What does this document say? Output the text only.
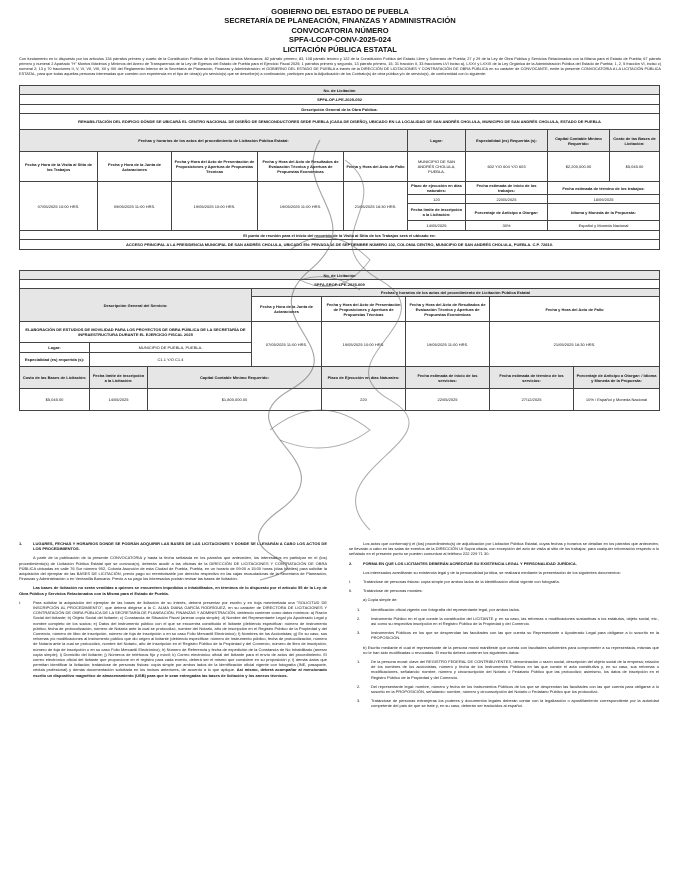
GOBIERNO DEL ESTADO DE PUEBLA
SECRETARÍA DE PLANEACIÓN, FINANZAS Y ADMINISTRACIÓN
CONVOCATORIA NÚMERO
SPFA-LCOP-CONV-2025-024
LICITACIÓN PÚBLICA ESTATAL

Con fundamento en lo dispuesto por los artículos 134 párrafos primero y cuarto de la Constitución Política de los Estados Unidos Mexicanos; 82 párrafo primero, 83, 108 párrafo tercero y 122 de la Constitución Política del Estado Libre y Soberano de Puebla; 27 y 29 de la Ley de Obra Pública y Servicios Relacionados con la Misma para el Estado de Puebla; 67 párrafo primero y numeral 2 Apartado "H" Montos Máximos y Mínimos del Anexo de Transparencia de la Ley de Egresos del Estado de Puebla para el Ejercicio Fiscal 2025; 1 párrafos primero y segundo, 13 párrafo primero, 15, 31 fracción II, 33 fracciones LVI inciso a), LXXV y LXXIX de la Ley Orgánica de la Administración Pública del Estado de Puebla; 1, 2, 5 fracción VI, inciso c) numeral 2; 13 y 70 fracciones II, V, VI, VII, VIII, XII y XIII del Reglamento Interior de la Secretaría de Planeación, Finanzas y Administración; el GOBIERNO DEL ESTADO DE PUEBLA a través de la DIRECCIÓN DE LICITACIONES Y CONTRATACIÓN DE OBRA PÚBLICA en su carácter de CONVOCANTE, emite la presente CONVOCATORIA A LA LICITACIÓN PÚBLICA ESTATAL, para que todas aquellas personas interesadas que cuenten con experiencia en el tipo de obra(s) y/o servicio(s) que se describe(n) a continuación, participen para la Adjudicación de los Contrato(s) de obra pública y/o de servicio(s), de conformidad con lo siguiente:

No. de Licitación								
SPFA-OP-LPE-2025-052								
Descripción General de la Obra Pública:								
REHABILITACIÓN DEL EDIFICIO DÓNDE SE UBICARÁ EL CENTRO NACIONAL DE DISEÑO DE SEMICONDUCTORES SEDE PUEBLA (CASA DE DISEÑO), UBICADO EN LA LOCALIDAD DE SAN ANDRÉS CHOLULA, MUNICIPIO DE SAN ANDRÉS CHOLULA, ESTADO DE PUEBLA								
Fechas y horarios de los actos del procedimiento de Licitación Pública Estatal:					Lugar:	Especialidad (es) Requerida (s):	Capital Contable Mínimo Requerido:	Costo de las Bases de Licitación:
Fecha y Hora de la Visita al Sitio de los Trabajos	Fecha y Hora de la Junta de Aclaraciones	Fecha y Hora del Acto de Presentación de Proposiciones y Apertura de Propuestas Técnicas	Fecha y Hora del Acto de Resultados de Evaluación Técnica y Apertura de Propuestas Económicas	Fecha y Hora del Acto de Fallo	MUNICIPIO DE SAN ANDRÉS CHOLULA, PUEBLA.	602 Y/O 604 Y/O 603	$2,200,000.00	$5,045.00
07/05/2025 10:00 HRS.	09/05/2025 11:00 HRS.	19/05/2025 10:00 HRS.	19/05/2025 11:00 HRS.	21/05/2025 16:30 HRS.	Plazo de ejecución en días naturales:	Fecha estimada de inicio de los trabajos:	Fecha estimada de término de los trabajos:	
					120	22/05/2025	18/09/2025	
					Fecha límite de inscripción a la Licitación:	Porcentaje de Anticipo a Otorgar:	Idioma y Moneda de la Propuesta:	
					14/05/2025	30%	Español y Moneda Nacional	
El punto de reunión para el inicio del recorrido de la Visita al Sitio de los Trabajos será el ubicado en:								
ACCESO PRINCIPAL A LA PRESIDENCIA MUNICIPAL DE SAN ANDRÉS CHOLULA, UBICADO EN: PRIVADA 16 DE SEPTIEMBRE NÚMERO 102, COLONIA CENTRO, MUNICIPIO DE SAN ANDRÉS CHOLULA, PUEBLA. C.P. 72810.								
No. de Licitación							
SPFA-SROP-LPE-2025-009							
Descripción General del Servicio:			Fechas y horarios de los actos del procedimiento de Licitación Pública Estatal				
			Fecha y Hora de la Junta de Aclaraciones	Fecha y Hora del Acto de Presentación de Proposiciones y Apertura de Propuestas Técnicas	Fecha y Hora del Acto de Resultados de Evaluación Técnica y Apertura de Propuestas Económicas	Fecha y Hora del Acto de Fallo	
ELABORACIÓN DE ESTUDIOS DE MOVILIDAD PARA LOS PROYECTOS DE OBRA PÚBLICA DE LA SECRETARÍA DE INFRAESTRUCTURA DURANTE EL EJERCICIO FISCAL 2025			07/05/2025 11:00 HRS.	19/05/2025 10:00 HRS.	19/05/2025 11:00 HRS.	21/05/2025 16:30 HRS.	
Lugar:	MUNICIPIO DE PUEBLA, PUEBLA.						
Especialidad (es) requerida (s):	C1.1 Y/O C1.4						
Costo de las Bases de Licitación:	Fecha límite de inscripción a la Licitación:	Capital Contable Mínimo Requerido:		Plazo de Ejecución en días Naturales:	Fecha estimada de inicio de los servicios:	Fecha estimada de término de los servicios:	Porcentaje de Anticipo a Otorgar: / Idioma y Moneda de la Propuesta:
$5,045.00	14/05/2025	$1,800,000.00		220	22/05/2025	27/12/2025	10% / Español y Moneda Nacional
1.	LUGARES, FECHAS Y HORARIOS DONDE SE PODRÁN ADQUIRIR LAS BASES DE LAS LICITACIONES Y DONDE SE LLEVARÁN A CABO LOS ACTOS DE LOS PROCEDIMIENTOS.

A partir de la publicación de la presente CONVOCATORIA y hasta la fecha señalada en los párrafos que anteceden, los interesados en participar en el (los) procedimiento(s) de Licitación Pública Estatal que se convoca(n), deberán acudir a las oficinas de la DIRECCIÓN DE LICITACIONES Y CONTRATACIÓN DE OBRA PÚBLICA ubicadas en calle 76 Sur número 902, Colonia Asunción de esta Ciudad de Puebla, Puebla, en un horario de 09:00 a 15:00 horas (días hábiles) para solicitar la adquisición del ejemplar de las BASES DE LICITACIÓN, previo pago no reembolsable por derecho respectivo en las cajas recaudadoras de la Secretaría de Planeación, Finanzas y Administración o en Ventanilla Bancaria. Previo a su pago los interesados podrán revisar las bases de licitación.

Las bases de licitación no serán vendidas a quienes se encuentren impedidos o inhabilitados, en términos de lo dispuesto por el artículo 55 de la Ley de Obra Pública y Servicios Relacionados con la Misma para el Estado de Puebla.

I.	Para solicitar la adquisición del ejemplar de las bases de licitación de su interés, deberá presentar por escrito y en hoja membretada una "SOLICITUD DE INSCRIPCIÓN AL PROCEDIMIENTO", que deberá dirigirse a la C. ALMA DIANA GARCÍA RODRÍGUEZ, en su carácter de DIRECTORA DE LICITACIONES Y CONTRATACIÓN DE OBRA PÚBLICA DE LA SECRETARÍA DE PLANEACIÓN, FINANZAS Y ADMINISTRACIÓN, debiendo contener como datos mínimos: a) Razón Social del licitante; b) Objeto Social del licitante; c) Constancia de Situación Fiscal (anexar copia simple); d) Nombre del Representante Legal y/o Apoderado Legal y nombre completo de los socios; e) Datos del instrumento público con el que se encuentra constituido el licitante (debiendo especificar: número de instrumento público, fecha de protocolización, número de Notaría ante la cual se protocolizó, nombre del Notario, año de inscripción en el Registro Público de la Propiedad y del Comercio, número de libro de inscripción, número de foja de inscripción o en su caso Folio Mercantil Electrónico); f) Nombres de los Accionistas; g) En su caso, sus reformas y/o modificaciones al instrumento público que dio origen al licitante (debiendo especificar: número de instrumento público, fecha de protocolización, número de Notaría ante la cual se protocolizó, nombre del Notario, año de inscripción en el Registro Público de la Propiedad y del Comercio, número de libro de inscripción, número de foja de inscripción o en su caso Folio Mercantil Electrónico); h) Número de Referencia y fecha de expedición de la Constancia de No Inhabilitado (anexar copia simple); i) Domicilio del licitante; j) Números de teléfonos fijo y móvil; k) Correo electrónico oficial del licitante para el envío de actos del procedimiento. El correo electrónico oficial del licitante que proporcione en el registro para cada evento, deberá ser el mismo que considere en su proposición y, l) demás datos que permitan identificar la licitación; tratándose de personas físicas: copia simple por ambos lados de la identificación oficial vigente con fotografía (INE, pasaporte, cédula profesional) y demás documentación solicitada en los incisos anteriores, de acuerdo a lo que aplique. Así mismo, deberá acompañar al mencionado escrito un dispositivo magnético de almacenamiento (USB) para que le sean entregadas las bases de licitación y los anexos técnicos.

Los actos que conforma(n) el (los) procedimiento(s) de adjudicación por Licitación Pública Estatal, cuyas fechas y horarios se detallan en los párrafos que anteceden, se llevarán a cabo en las salas de eventos de la DIRECCIÓN Ut Supra citada, con excepción del acto de visita al sitio de los trabajos; para cualquier información respecto a lo señalado en el presente punto se pueden comunicar al teléfono 222 229 71 30.

2.	FORMA EN QUE LOS LICITANTES DEBERÁN ACREDITAR SU EXISTENCIA LEGAL Y PERSONALIDAD JURÍDICA.

Los interesados acreditarán su existencia legal y de la personalidad jurídica, se realizará mediante la presentación de los siguientes documentos:

I.	Tratándose de personas físicas: copia simple por ambos lados de la identificación oficial vigente con fotografía.
II.	Tratándose de personas morales:

a) Copia simple de:

1.	Identificación oficial vigente con fotografía del representante legal, por ambos lados.
2.	Instrumento Público en el que conste la constitución del LICITANTE y, en su caso, las reformas o modificaciones sustantivas a los estatutos, objeto social, etc., así como su respectiva inscripción en el Registro Público de la Propiedad y del Comercio.
3.	Instrumentos Públicos en los que se desprendan las facultades con las que cuenta su Representante o Apoderado Legal para obligarse a lo suscrito en la PROPOSICIÓN.

b) Escrito mediante el cual el representante de la persona moral manifieste que cuenta con facultades suficientes para comprometer a su representada, mismas que no le han sido modificadas o revocadas. El escrito deberá contener los siguientes datos:

1.	De la persona moral: clave del REGISTRO FEDERAL DE CONTRIBUYENTES, denominación o razón social, descripción del objeto social de la empresa; relación de los nombres de los accionistas, número y fecha de los Instrumentos Públicos en las que conste el acta constitutiva y, en su caso, sus reformas o modificaciones, señalando: nombre, número y circunscripción del Notario o Fedatario Público que las protocolizó; asimismo, los datos de inscripción en el Registro Público de la Propiedad y del Comercio.
2.	Del representante legal: nombre, número y fecha de los Instrumentos Públicos de los que se desprendan las facultades con las que cuenta para obligarse a lo suscrito en la PROPOSICIÓN, señalando: nombre, número y circunscripción del Notario o Fedatario Público que los protocolizó.
3.	Tratándose de personas extranjeras los poderes y documentos legales deberán contar con la legalización o apostillamiento correspondiente por la autoridad competente del país de que se trate y, en su caso, deberán ser traducidos al español.
